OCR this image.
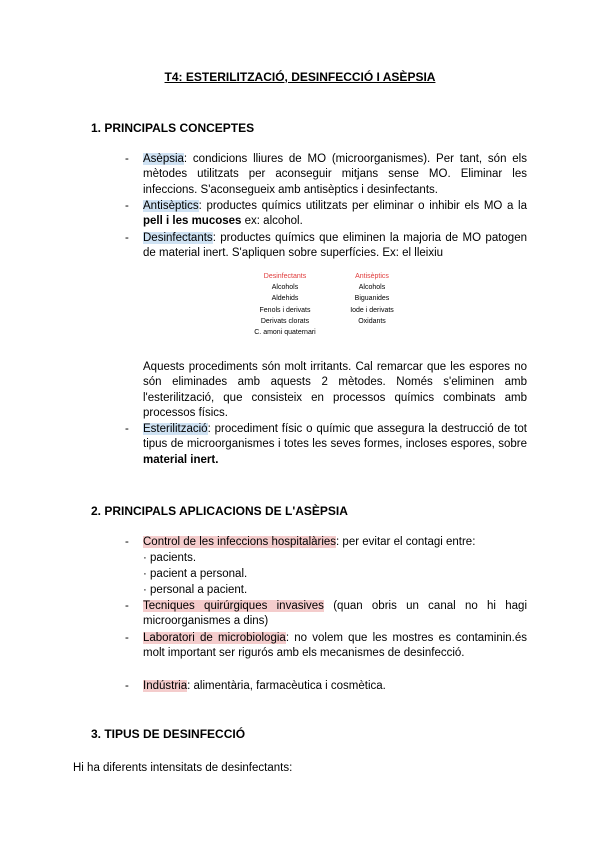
T4: ESTERILITZACIÓ, DESINFECCIÓ I ASÈPSIA
1. PRINCIPALS CONCEPTES
- Asèpsia: condicions lliures de MO (microorganismes). Per tant, són els mètodes utilitzats per aconseguir mitjans sense MO. Eliminar les infeccions. S'aconsegueix amb antisèptics i desinfectants.
- Antisèptics: productes químics utilitzats per eliminar o inhibir els MO a la pell i les mucoses ex: alcohol.
- Desinfectants: productes químics que eliminen la majoria de MO patogen de material inert. S'apliquen sobre superfícies. Ex: el lleixiu
Desinfectants
Alcohols
Aldehids
Fenols i derivats
Derivats clorats
C. amoni quaternari
Antisèptics
Alcohols
Biguanides
Iode i derivats
Oxidants
Aquests procediments són molt irritants. Cal remarcar que les espores no són eliminades amb aquests 2 mètodes. Només s'eliminen amb l'esterilització, que consisteix en processos químics combinats amb processos físics.
- Esterilització: procediment físic o químic que assegura la destrucció de tot tipus de microorganismes i totes les seves formes, incloses espores, sobre material inert.
2. PRINCIPALS APLICACIONS DE L'ASÈPSIA
- Control de les infeccions hospitalàries: per evitar el contagi entre:
· pacients.
· pacient a personal.
· personal a pacient.
- Tecniques quirúrgiques invasives (quan obris un canal no hi hagi microorganismes a dins)
- Laboratori de microbiologia: no volem que les mostres es contaminin.és molt important ser rigurós amb els mecanismes de desinfecció.
- Indústria: alimentària, farmacèutica i cosmètica.
3. TIPUS DE DESINFECCIÓ
Hi ha diferents intensitats de desinfectants:
